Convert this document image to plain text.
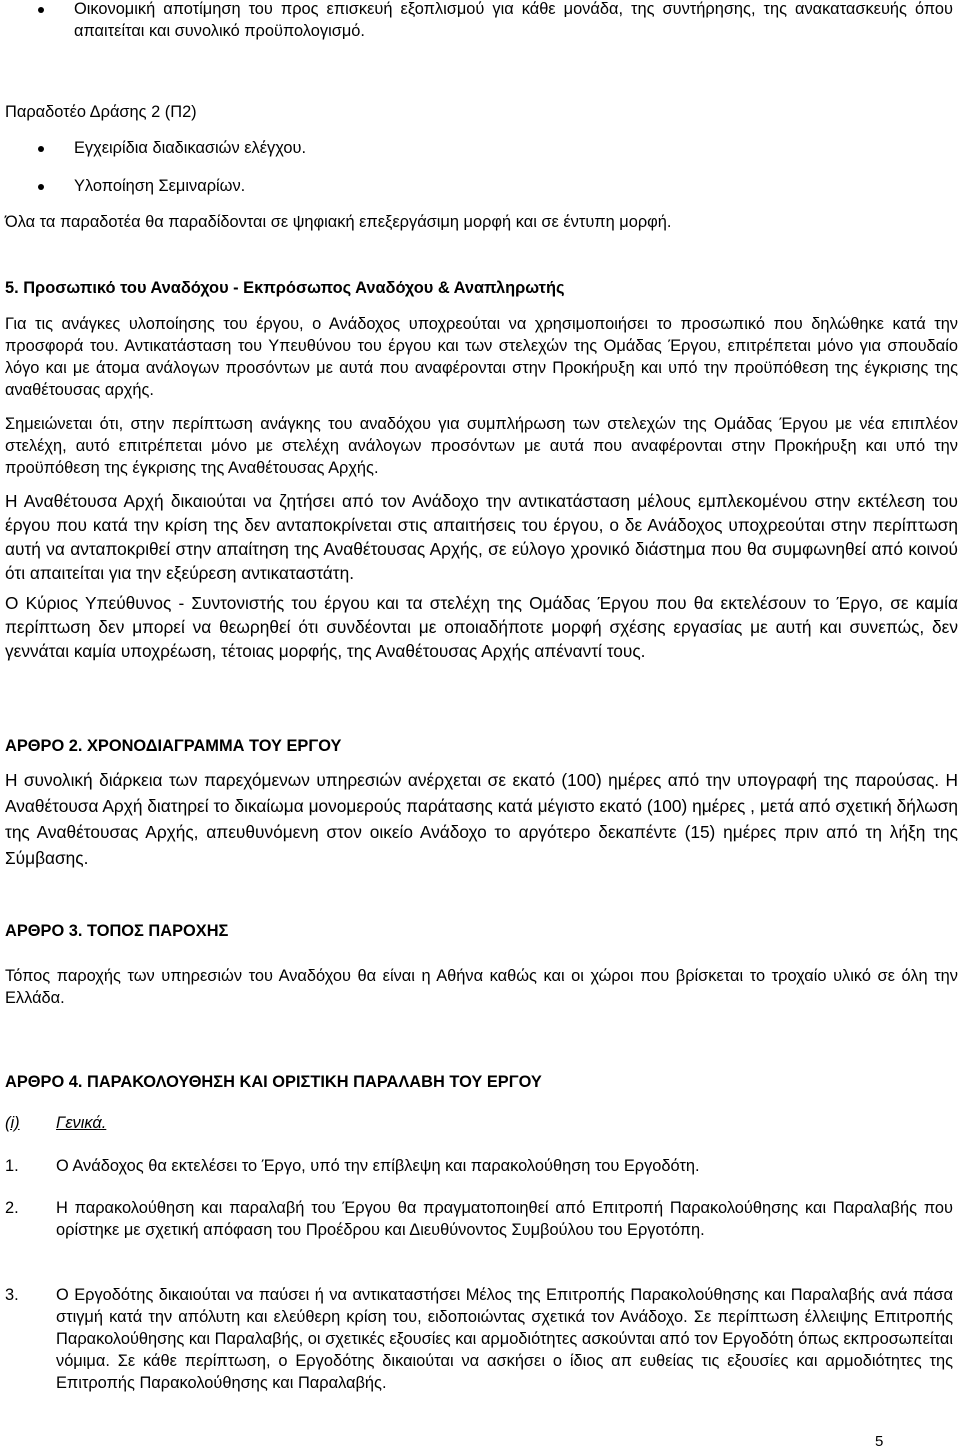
Οικονομική αποτίμηση του προς επισκευή εξοπλισμού για κάθε μονάδα, της συντήρησης, της ανακατασκευής όπου απαιτείται και συνολικό προϋπολογισμό.
Παραδοτέο Δράσης 2 (Π2)
Εγχειρίδια διαδικασιών ελέγχου.
Υλοποίηση Σεμιναρίων.
Όλα τα παραδοτέα θα παραδίδονται σε ψηφιακή επεξεργάσιμη μορφή και σε έντυπη μορφή.
5. Προσωπικό του Αναδόχου - Εκπρόσωπος Αναδόχου & Αναπληρωτής
Για τις ανάγκες υλοποίησης του έργου, ο Ανάδοχος υποχρεούται να χρησιμοποιήσει το προσωπικό που δηλώθηκε κατά την προσφορά του. Αντικατάσταση του Υπευθύνου του έργου και των στελεχών της Ομάδας Έργου, επιτρέπεται μόνο για σπουδαίο λόγο και με άτομα ανάλογων προσόντων με αυτά που αναφέρονται στην Προκήρυξη και υπό την προϋπόθεση της έγκρισης της αναθέτουσας αρχής.
Σημειώνεται ότι, στην περίπτωση ανάγκης του αναδόχου για συμπλήρωση των στελεχών της Ομάδας Έργου με νέα επιπλέον στελέχη, αυτό επιτρέπεται μόνο με στελέχη ανάλογων προσόντων με αυτά που αναφέρονται στην Προκήρυξη και υπό την προϋπόθεση της έγκρισης της Αναθέτουσας Αρχής.
Η Αναθέτουσα Αρχή δικαιούται να ζητήσει από τον Ανάδοχο την αντικατάσταση μέλους εμπλεκομένου στην εκτέλεση του έργου που κατά την κρίση της δεν ανταποκρίνεται στις απαιτήσεις του έργου, ο δε Ανάδοχος υποχρεούται στην περίπτωση αυτή να ανταποκριθεί στην απαίτηση της Αναθέτουσας Αρχής, σε εύλογο χρονικό διάστημα που θα συμφωνηθεί από κοινού ότι απαιτείται για την εξεύρεση αντικαταστάτη.
Ο Κύριος Υπεύθυνος - Συντονιστής του έργου και τα στελέχη της Ομάδας Έργου που θα εκτελέσουν το Έργο, σε καμία περίπτωση δεν μπορεί να θεωρηθεί ότι συνδέονται με οποιαδήποτε μορφή σχέσης εργασίας με αυτή και συνεπώς, δεν γεννάται καμία υποχρέωση, τέτοιας μορφής, της Αναθέτουσας Αρχής απέναντί τους.
ΑΡΘΡΟ 2. ΧΡΟΝΟΔΙΑΓΡΑΜΜΑ ΤΟΥ ΕΡΓΟΥ
Η συνολική διάρκεια των παρεχόμενων υπηρεσιών ανέρχεται σε εκατό (100) ημέρες από την υπογραφή της παρούσας. Η Αναθέτουσα Αρχή διατηρεί το δικαίωμα μονομερούς παράτασης κατά μέγιστο εκατό (100) ημέρες , μετά από σχετική δήλωση της Αναθέτουσας Αρχής, απευθυνόμενη στον οικείο Ανάδοχο το αργότερο δεκαπέντε (15) ημέρες πριν από τη λήξη της Σύμβασης.
ΑΡΘΡΟ 3. ΤΟΠΟΣ ΠΑΡΟΧΗΣ
Τόπος παροχής των υπηρεσιών του Αναδόχου θα είναι η Αθήνα καθώς και οι χώροι που βρίσκεται το τροχαίο υλικό σε όλη την Ελλάδα.
ΑΡΘΡΟ 4. ΠΑΡΑΚΟΛΟΥΘΗΣΗ ΚΑΙ ΟΡΙΣΤΙΚΗ ΠΑΡΑΛΑΒΗ ΤΟΥ ΕΡΓΟΥ
(i) Γενικά.
1.	Ο Ανάδοχος θα εκτελέσει το Έργο, υπό την επίβλεψη και παρακολούθηση του Εργοδότη.
2.	Η παρακολούθηση και παραλαβή του Έργου θα πραγματοποιηθεί από Επιτροπή Παρακολούθησης και Παραλαβής που ορίστηκε με σχετική απόφαση του Προέδρου και Διευθύνοντος Συμβούλου του Εργοτόπη.
3.	Ο Εργοδότης δικαιούται να παύσει ή να αντικαταστήσει Μέλος της Επιτροπής Παρακολούθησης και Παραλαβής ανά πάσα στιγμή κατά την απόλυτη και ελεύθερη κρίση του, ειδοποιώντας σχετικά τον Ανάδοχο. Σε περίπτωση έλλειψης Επιτροπής Παρακολούθησης και Παραλαβής, οι σχετικές εξουσίες και αρμοδιότητες ασκούνται από τον Εργοδότη όπως εκπροσωπείται νόμιμα. Σε κάθε περίπτωση, ο Εργοδότης δικαιούται να ασκήσει ο ίδιος απ ευθείας τις εξουσίες και αρμοδιότητες της Επιτροπής Παρακολούθησης και Παραλαβής.
5
